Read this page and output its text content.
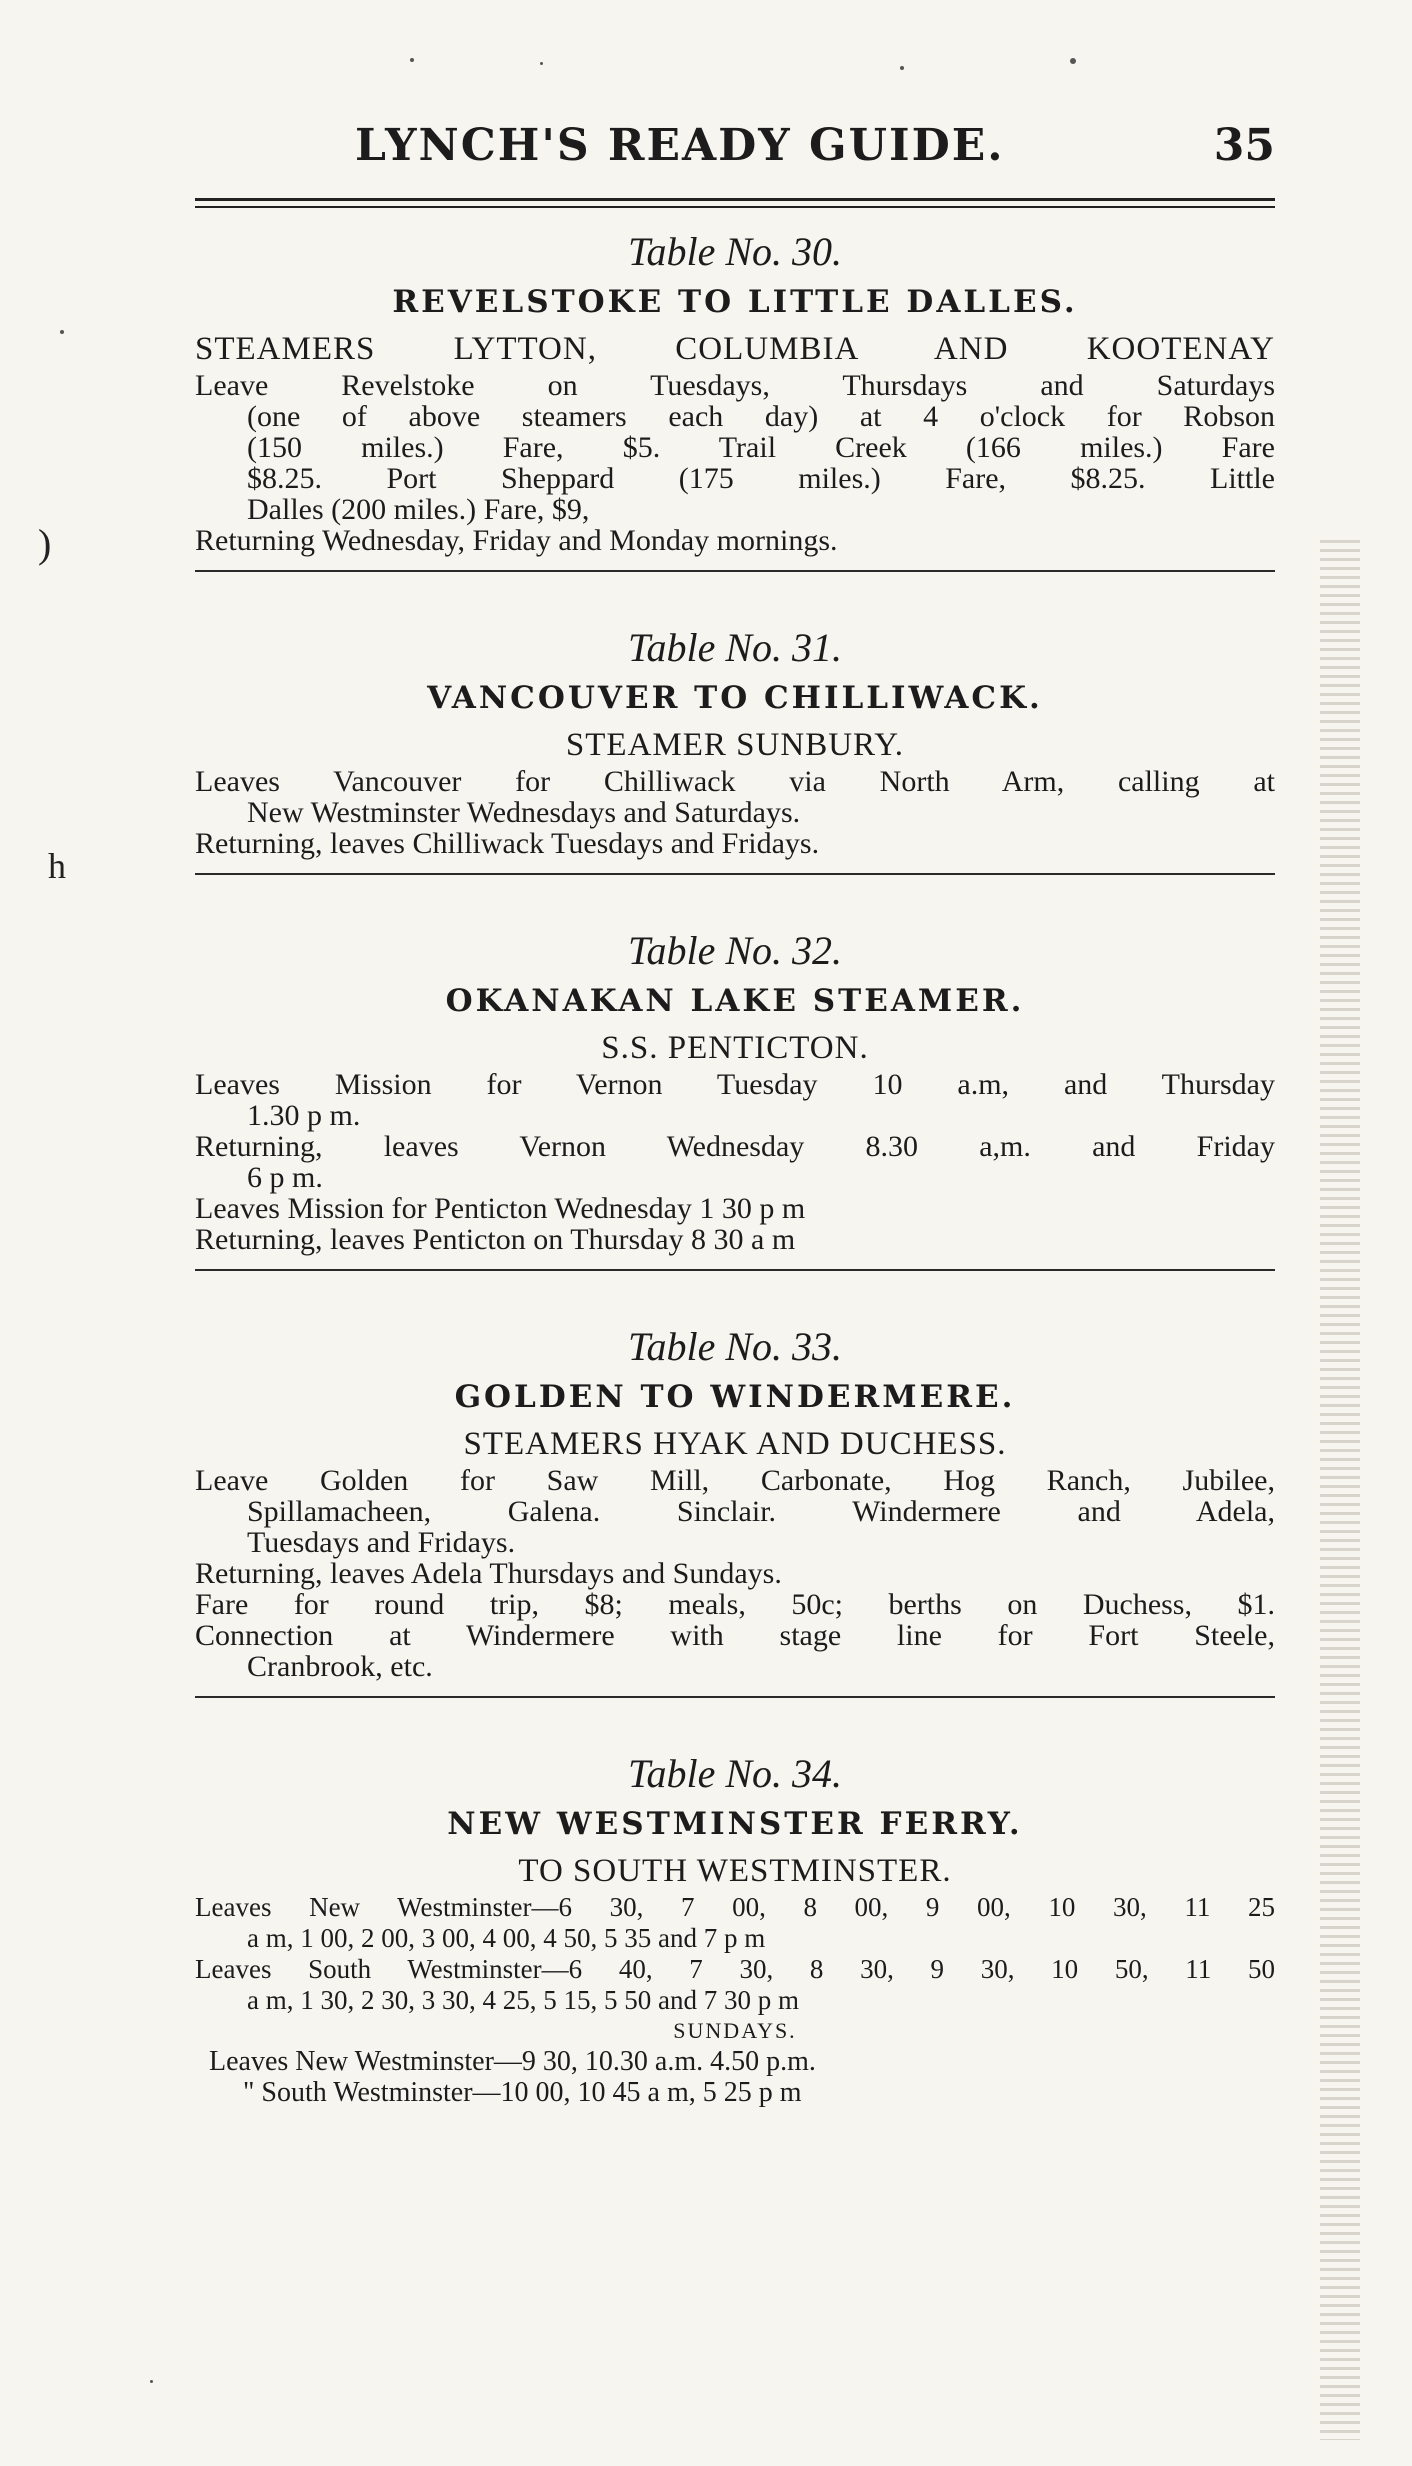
)
h
LYNCH'S READY GUIDE.	35
Table No. 30.
REVELSTOKE TO LITTLE DALLES.
STEAMERS LYTTON, COLUMBIA AND KOOTENAY
Leave Revelstoke on Tuesdays, Thursdays and Saturdays
(one of above steamers each day) at 4 o'clock for Robson
(150 miles.) Fare, $5. Trail Creek (166 miles.) Fare
$8.25. Port Sheppard (175 miles.) Fare, $8.25. Little
Dalles (200 miles.) Fare, $9,
Returning Wednesday, Friday and Monday mornings.
Table No. 31.
VANCOUVER TO CHILLIWACK.
STEAMER SUNBURY.
Leaves Vancouver for Chilliwack via North Arm, calling at
New Westminster Wednesdays and Saturdays.
Returning, leaves Chilliwack Tuesdays and Fridays.
Table No. 32.
OKANAKAN LAKE STEAMER.
S.S. PENTICTON.
Leaves Mission for Vernon Tuesday 10 a.m, and Thursday
1.30 p m.
Returning, leaves Vernon Wednesday 8.30 a,m. and Friday
6 p m.
Leaves Mission for Penticton Wednesday 1 30 p m
Returning, leaves Penticton on Thursday 8 30 a m
Table No. 33.
GOLDEN TO WINDERMERE.
STEAMERS HYAK AND DUCHESS.
Leave Golden for Saw Mill, Carbonate, Hog Ranch, Jubilee,
Spillamacheen, Galena. Sinclair. Windermere and Adela,
Tuesdays and Fridays.
Returning, leaves Adela Thursdays and Sundays.
Fare for round trip, $8; meals, 50c; berths on Duchess, $1.
Connection at Windermere with stage line for Fort Steele,
Cranbrook, etc.
Table No. 34.
NEW WESTMINSTER FERRY.
TO SOUTH WESTMINSTER.
Leaves New Westminster—6 30, 7 00, 8 00, 9 00, 10 30, 11 25
a m, 1 00, 2 00, 3 00, 4 00, 4 50, 5 35 and 7 p m
Leaves South Westminster—6 40, 7 30, 8 30, 9 30, 10 50, 11 50
a m, 1 30, 2 30, 3 30, 4 25, 5 15, 5 50 and 7 30 p m
SUNDAYS.
Leaves New Westminster—9 30, 10.30 a.m. 4.50 p.m.
" South Westminster—10 00, 10 45 a m, 5 25 p m
